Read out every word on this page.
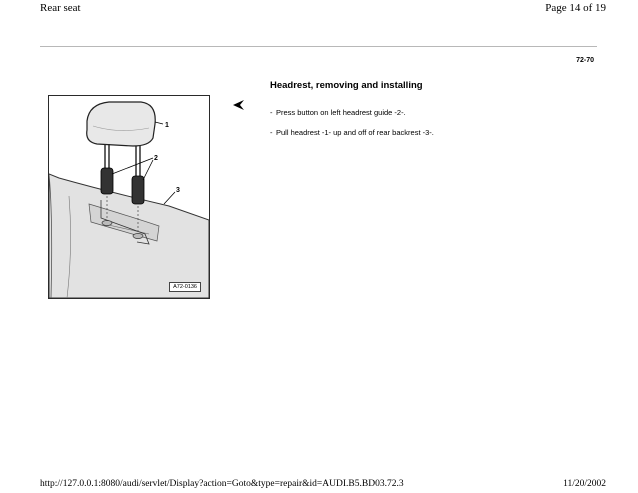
Rear seat	Page 14 of 19
72-70
Headrest, removing and installing
- Press button on left headrest guide -2-.
- Pull headrest -1- up and off of rear backrest -3-.
1
2
3
A72-0136
http://127.0.0.1:8080/audi/servlet/Display?action=Goto&type=repair&id=AUDI.B5.BD03.72.3	11/20/2002
